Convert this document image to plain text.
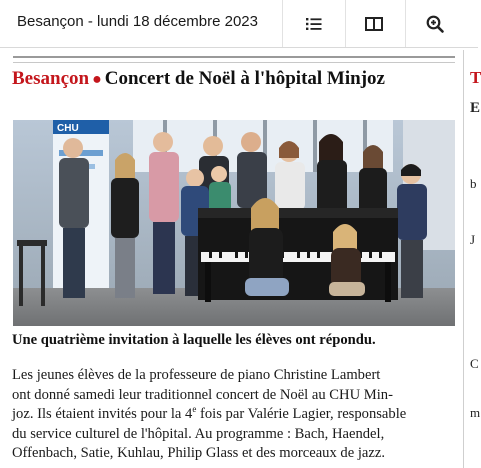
Besançon - lundi 18 décembre 2023
T
E
b
J
C
m
Besançon ● Concert de Noël à l'hôpital Minjoz
CHU
Une quatrième invitation à laquelle les élèves ont répondu.
Les jeunes élèves de la professeure de piano Christine Lambert
ont donné samedi leur traditionnel concert de Noël au CHU Min-
joz. Ils étaient invités pour la 4e fois par Valérie Lagier, responsable
du service culturel de l'hôpital. Au programme : Bach, Haendel,
Offenbach, Satie, Kuhlau, Philip Glass et des morceaux de jazz.
